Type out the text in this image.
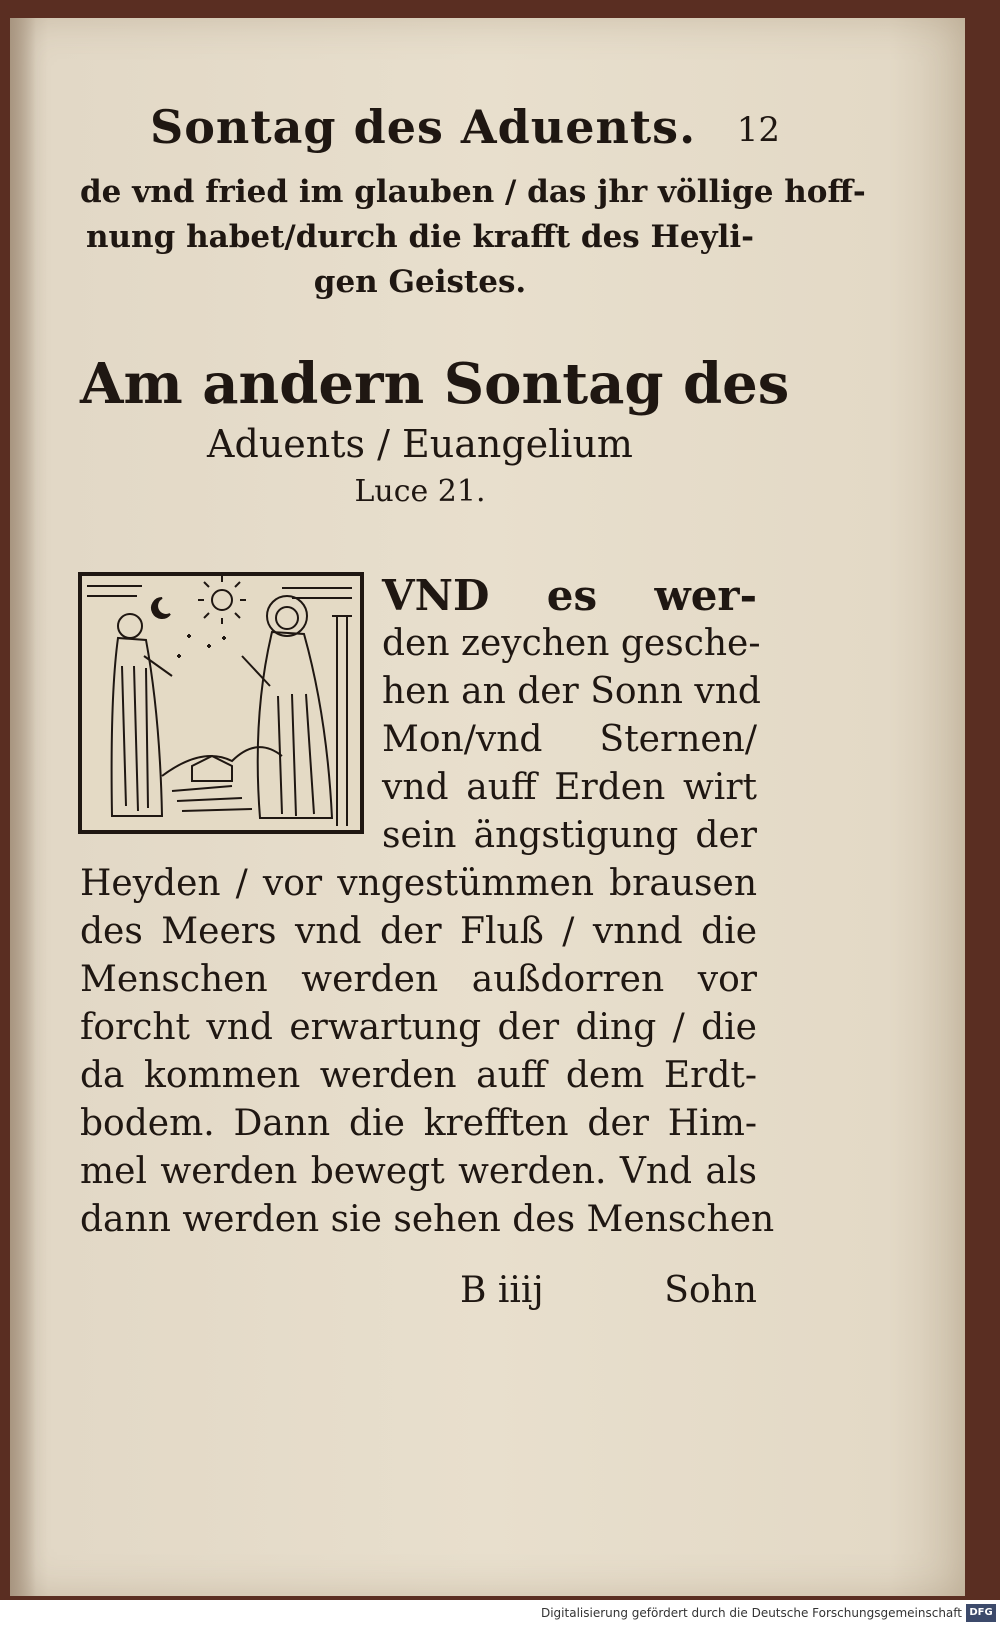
Sontag des Aduents. 12
de vnd fried im glauben / das jhr völlige hoff-
nung habet/durch die krafft des Heyli-
gen Geistes.
Am andern Sontag des
Aduents / Euangelium
Luce 21.
VND es wer-
den zeychen gesche-
hen an der Sonn vnd
Mon/vnd Sternen/
vnd auff Erden wirt
sein ängstigung der
Heyden / vor vngestümmen brausen
des Meers vnd der Fluß / vnnd die
Menschen werden außdorren vor
forcht vnd erwartung der ding / die
da kommen werden auff dem Erdt-
bodem. Dann die krefften der Him-
mel werden bewegt werden. Vnd als
dann werden sie sehen des Menschen
B iiij	Sohn
Digitalisierung gefördert durch die Deutsche Forschungsgemeinschaft DFG
